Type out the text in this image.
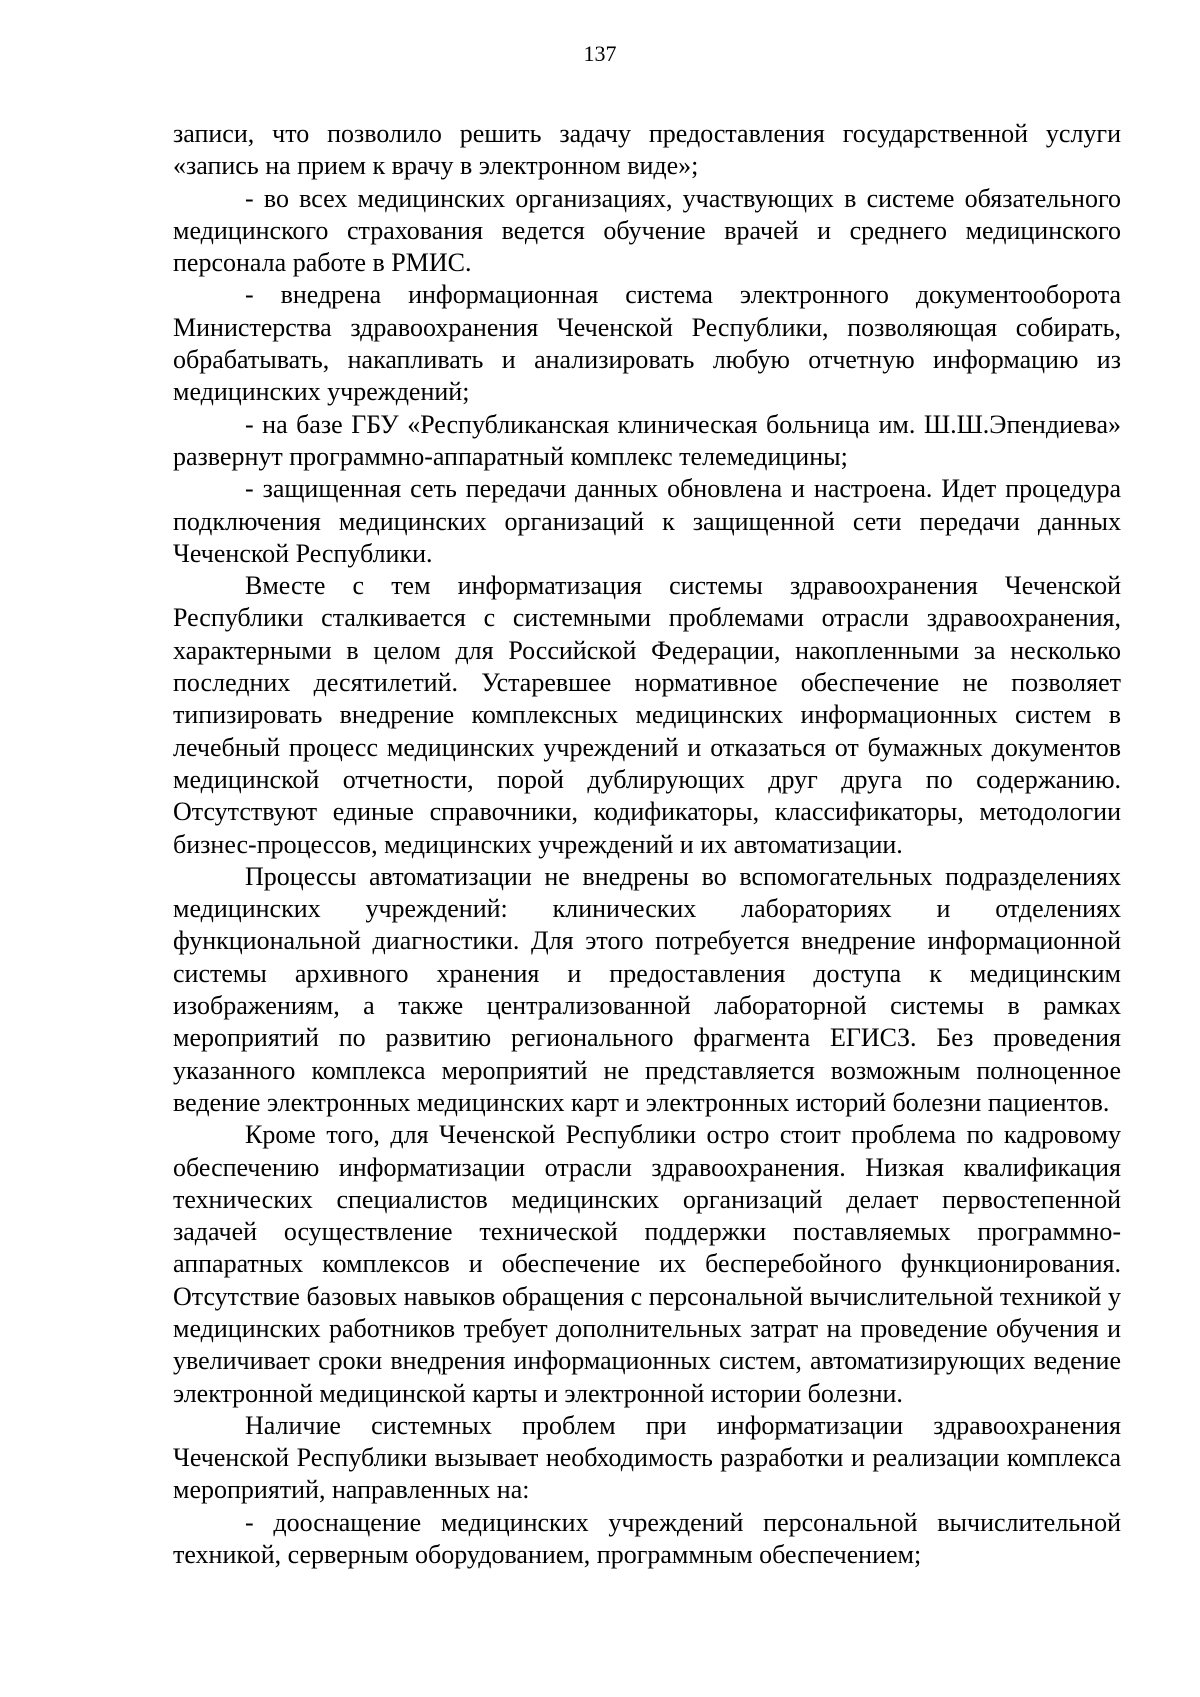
137

записи, что позволило решить задачу предоставления государственной услуги «запись на прием к врачу в электронном виде»;

- во всех медицинских организациях, участвующих в системе обязательного медицинского страхования ведется обучение врачей и среднего медицинского персонала работе в РМИС.

- внедрена информационная система электронного документооборота Министерства здравоохранения Чеченской Республики, позволяющая собирать, обрабатывать, накапливать и анализировать любую отчетную информацию из медицинских учреждений;

- на базе ГБУ «Республиканская клиническая больница им. Ш.Ш.Эпендиева» развернут программно-аппаратный комплекс телемедицины;

- защищенная сеть передачи данных обновлена и настроена. Идет процедура подключения медицинских организаций к защищенной сети передачи данных Чеченской Республики.

Вместе с тем информатизация системы здравоохранения Чеченской Республики сталкивается с системными проблемами отрасли здравоохранения, характерными в целом для Российской Федерации, накопленными за несколько последних десятилетий. Устаревшее нормативное обеспечение не позволяет типизировать внедрение комплексных медицинских информационных систем в лечебный процесс медицинских учреждений и отказаться от бумажных документов медицинской отчетности, порой дублирующих друг друга по содержанию. Отсутствуют единые справочники, кодификаторы, классификаторы, методологии бизнес-процессов, медицинских учреждений и их автоматизации.

Процессы автоматизации не внедрены во вспомогательных подразделениях медицинских учреждений: клинических лабораториях и отделениях функциональной диагностики. Для этого потребуется внедрение информационной системы архивного хранения и предоставления доступа к медицинским изображениям, а также централизованной лабораторной системы в рамках мероприятий по развитию регионального фрагмента ЕГИСЗ. Без проведения указанного комплекса мероприятий не представляется возможным полноценное ведение электронных медицинских карт и электронных историй болезни пациентов.

Кроме того, для Чеченской Республики остро стоит проблема по кадровому обеспечению информатизации отрасли здравоохранения. Низкая квалификация технических специалистов медицинских организаций делает первостепенной задачей осуществление технической поддержки поставляемых программно-аппаратных комплексов и обеспечение их бесперебойного функционирования. Отсутствие базовых навыков обращения с персональной вычислительной техникой у медицинских работников требует дополнительных затрат на проведение обучения и увеличивает сроки внедрения информационных систем, автоматизирующих ведение электронной медицинской карты и электронной истории болезни.

Наличие системных проблем при информатизации здравоохранения Чеченской Республики вызывает необходимость разработки и реализации комплекса мероприятий, направленных на:

- дооснащение медицинских учреждений персональной вычислительной техникой, серверным оборудованием, программным обеспечением;
